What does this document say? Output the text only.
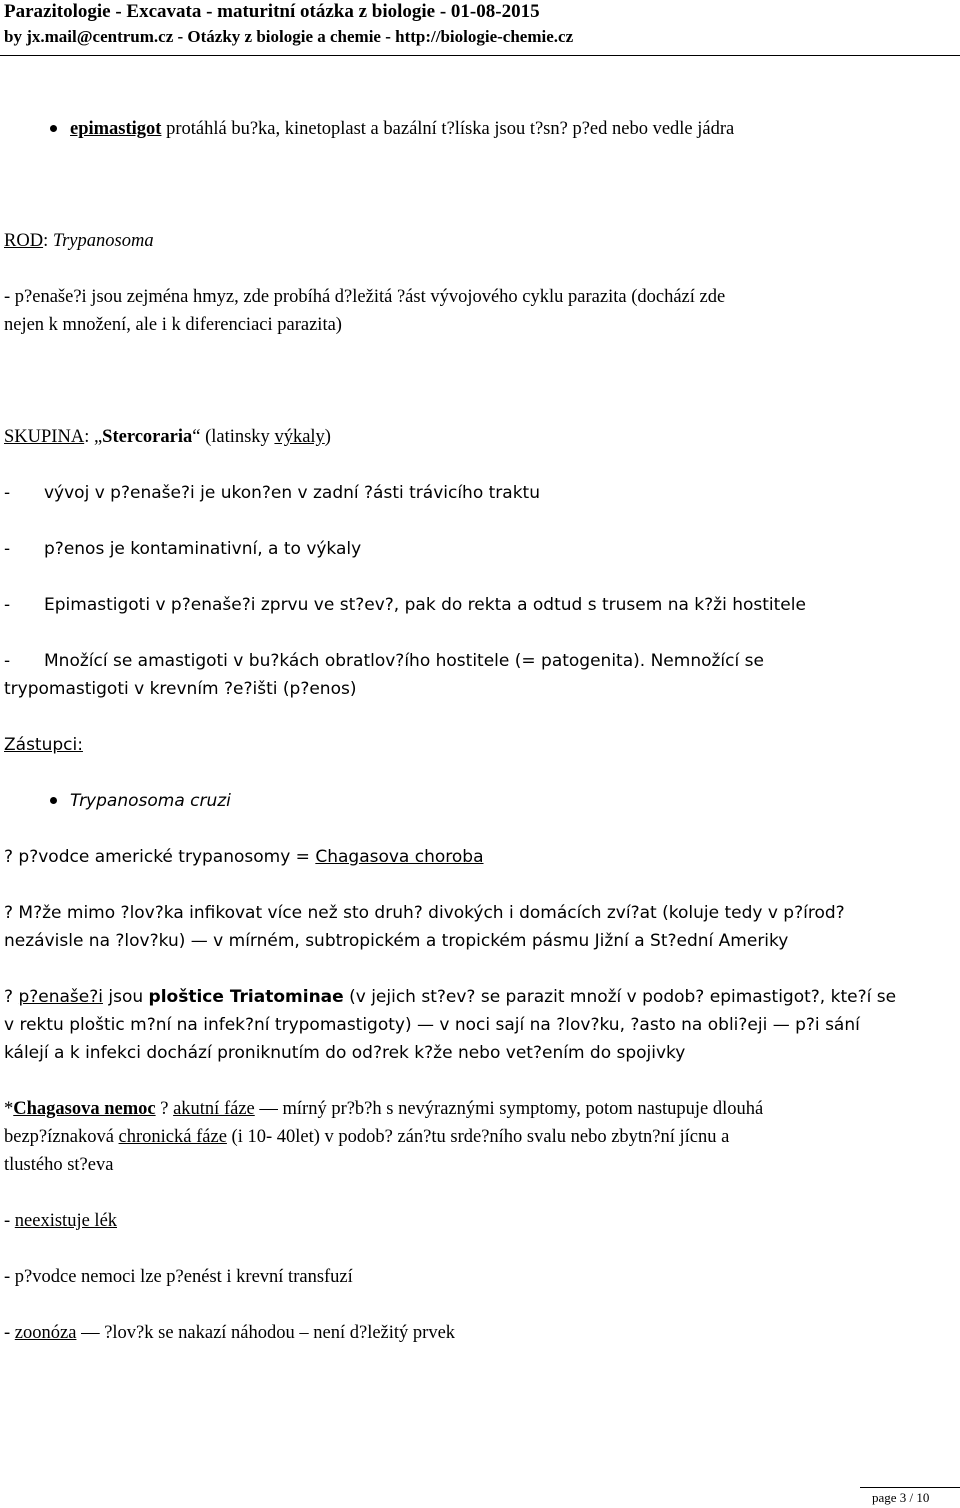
Parazitologie - Excavata - maturitní otázka z biologie - 01-08-2015
by jx.mail@centrum.cz - Otázky z biologie a chemie - http://biologie-chemie.cz

epimastigot protáhlá bu?ka, kinetoplast a bazální t?líska jsou t?sn? p?ed nebo vedle jádra

ROD: Trypanosoma

- p?enaše?i jsou zejména hmyz, zde probíhá d?ležitá ?ást vývojového cyklu parazita (dochází zde

nejen k množení, ale i k diferenciaci parazita)

SKUPINA: „Stercoraria“ (latinsky výkaly)

- vývoj v p?enaše?i je ukon?en v zadní ?ásti trávicího traktu

- p?enos je kontaminativní, a to výkaly

- Epimastigoti v p?enaše?i zprvu ve st?ev?, pak do rekta a odtud s trusem na k?ži hostitele

- Množící se amastigoti v bu?kách obratlov?ího hostitele (= patogenita). Nemnožící se

trypomastigoti v krevním ?e?išti (p?enos)

Zástupci:

Trypanosoma cruzi

? p?vodce americké trypanosomy = Chagasova choroba

? M?že mimo ?lov?ka infikovat více než sto druh? divokých i domácích zví?at (koluje tedy v p?írod?

nezávisle na ?lov?ku) — v mírném, subtropickém a tropickém pásmu Jižní a St?ední Ameriky

? p?enaše?i jsou ploštice Triatominae (v jejich st?ev? se parazit množí v podob? epimastigot?, kte?í se

v rektu ploštic m?ní na infek?ní trypomastigoty) — v noci sají na ?lov?ku, ?asto na obli?eji — p?i sání

kálejí a k infekci dochází proniknutím do od?rek k?že nebo vet?ením do spojivky

*Chagasova nemoc ? akutní fáze — mírný pr?b?h s nevýraznými symptomy, potom nastupuje dlouhá

bezp?íznaková chronická fáze (i 10- 40let) v podob? zán?tu srde?ního svalu nebo zbytn?ní jícnu a

tlustého st?eva

- neexistuje lék

- p?vodce nemoci lze p?enést i krevní transfuzí

- zoonóza — ?lov?k se nakazí náhodou – není d?ležitý prvek

page 3 / 10
